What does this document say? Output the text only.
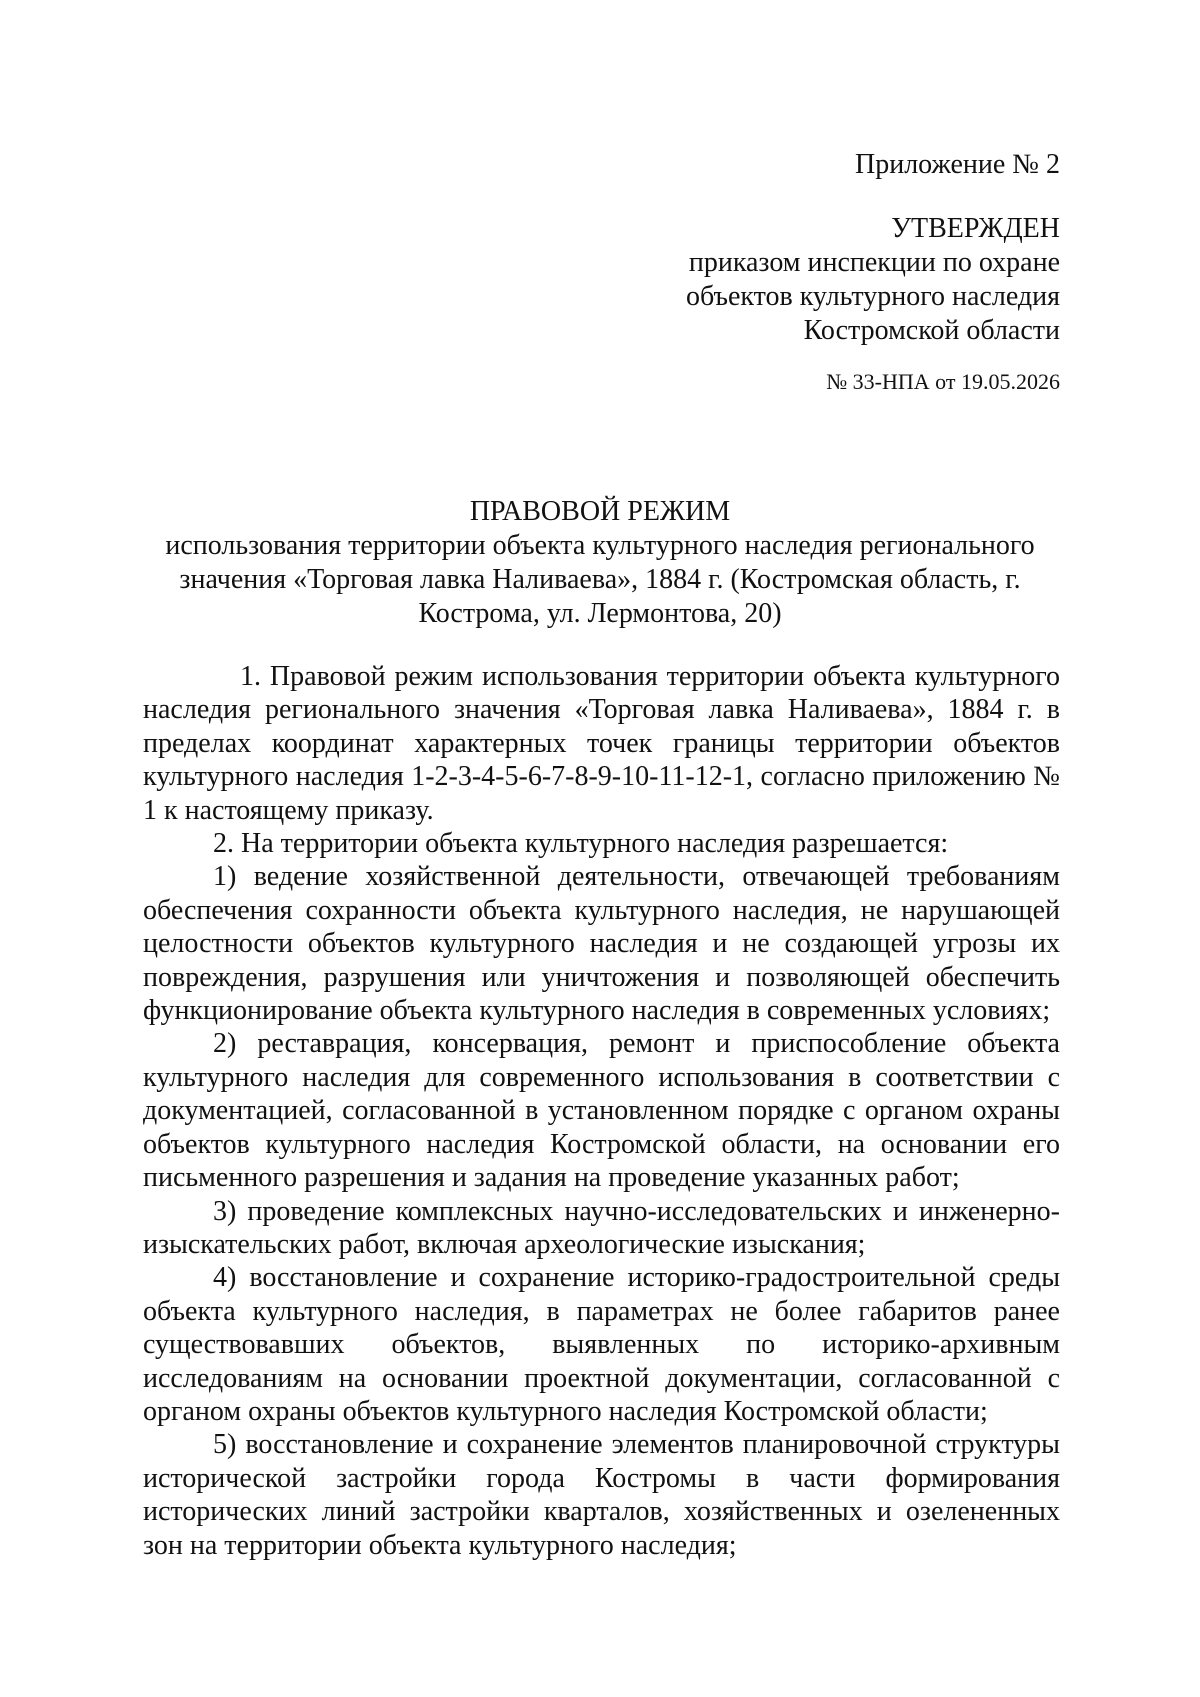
Приложение № 2
УТВЕРЖДЕН
приказом инспекции по охране
объектов культурного наследия
Костромской области
№ 33-НПА от 19.05.2026
ПРАВОВОЙ РЕЖИМ
использования территории объекта культурного наследия регионального значения «Торговая лавка Наливаева», 1884 г. (Костромская область, г. Кострома, ул. Лермонтова, 20)

1. Правовой режим использования территории объекта культурного наследия регионального значения «Торговая лавка Наливаева», 1884 г. в пределах координат характерных точек границы территории объектов культурного наследия 1-2-3-4-5-6-7-8-9-10-11-12-1, согласно приложению № 1 к настоящему приказу.

2. На территории объекта культурного наследия разрешается:

1) ведение хозяйственной деятельности, отвечающей требованиям обеспечения сохранности объекта культурного наследия, не нарушающей целостности объектов культурного наследия и не создающей угрозы их повреждения, разрушения или уничтожения и позволяющей обеспечить функционирование объекта культурного наследия в современных условиях;

2) реставрация, консервация, ремонт и приспособление объекта культурного наследия для современного использования в соответствии с документацией, согласованной в установленном порядке с органом охраны объектов культурного наследия Костромской области, на основании его письменного разрешения и задания на проведение указанных работ;

3) проведение комплексных научно-исследовательских и инженерно-изыскательских работ, включая археологические изыскания;

4) восстановление и сохранение историко-градостроительной среды объекта культурного наследия, в параметрах не более габаритов ранее существовавших объектов, выявленных по историко-архивным исследованиям на основании проектной документации, согласованной с органом охраны объектов культурного наследия Костромской области;

5) восстановление и сохранение элементов планировочной структуры исторической застройки города Костромы в части формирования исторических линий застройки кварталов, хозяйственных и озелененных зон на территории объекта культурного наследия;
